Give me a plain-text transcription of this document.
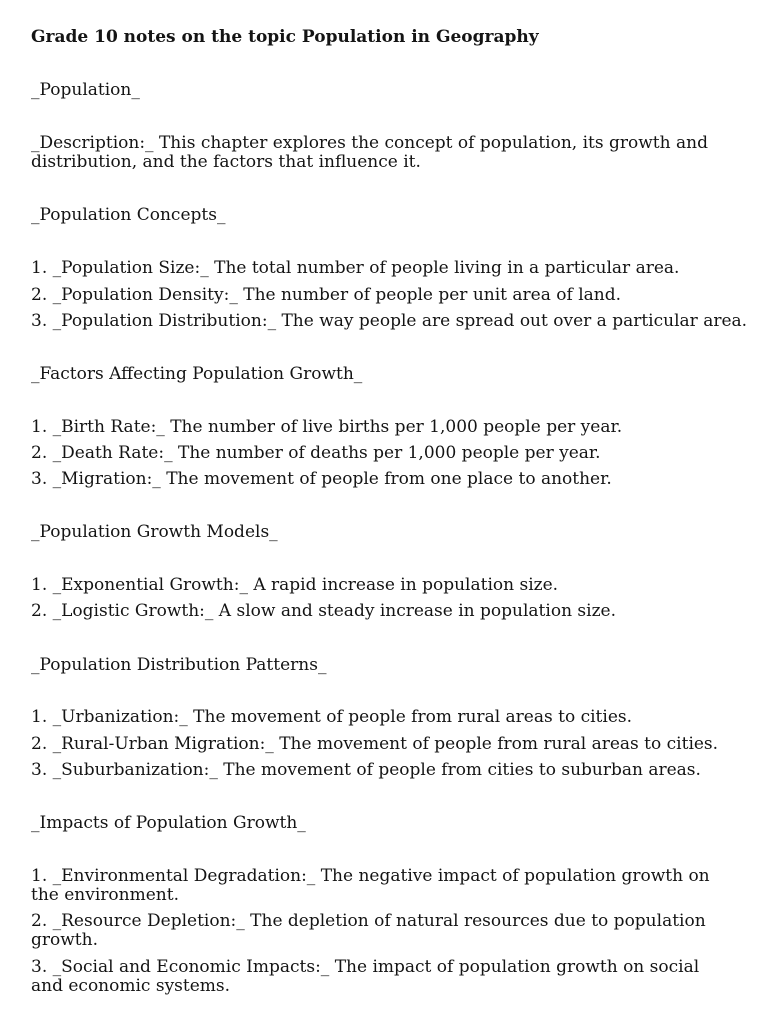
Grade 10 notes on the topic Population in Geography
_Population_
_Description:_ This chapter explores the concept of population, its growth and distribution, and the factors that influence it.
_Population Concepts_
1. _Population Size:_ The total number of people living in a particular area.
2. _Population Density:_ The number of people per unit area of land.
3. _Population Distribution:_ The way people are spread out over a particular area.
_Factors Affecting Population Growth_
1. _Birth Rate:_ The number of live births per 1,000 people per year.
2. _Death Rate:_ The number of deaths per 1,000 people per year.
3. _Migration:_ The movement of people from one place to another.
_Population Growth Models_
1. _Exponential Growth:_ A rapid increase in population size.
2. _Logistic Growth:_ A slow and steady increase in population size.
_Population Distribution Patterns_
1. _Urbanization:_ The movement of people from rural areas to cities.
2. _Rural-Urban Migration:_ The movement of people from rural areas to cities.
3. _Suburbanization:_ The movement of people from cities to suburban areas.
_Impacts of Population Growth_
1. _Environmental Degradation:_ The negative impact of population growth on the environment.
2. _Resource Depletion:_ The depletion of natural resources due to population growth.
3. _Social and Economic Impacts:_ The impact of population growth on social and economic systems.
